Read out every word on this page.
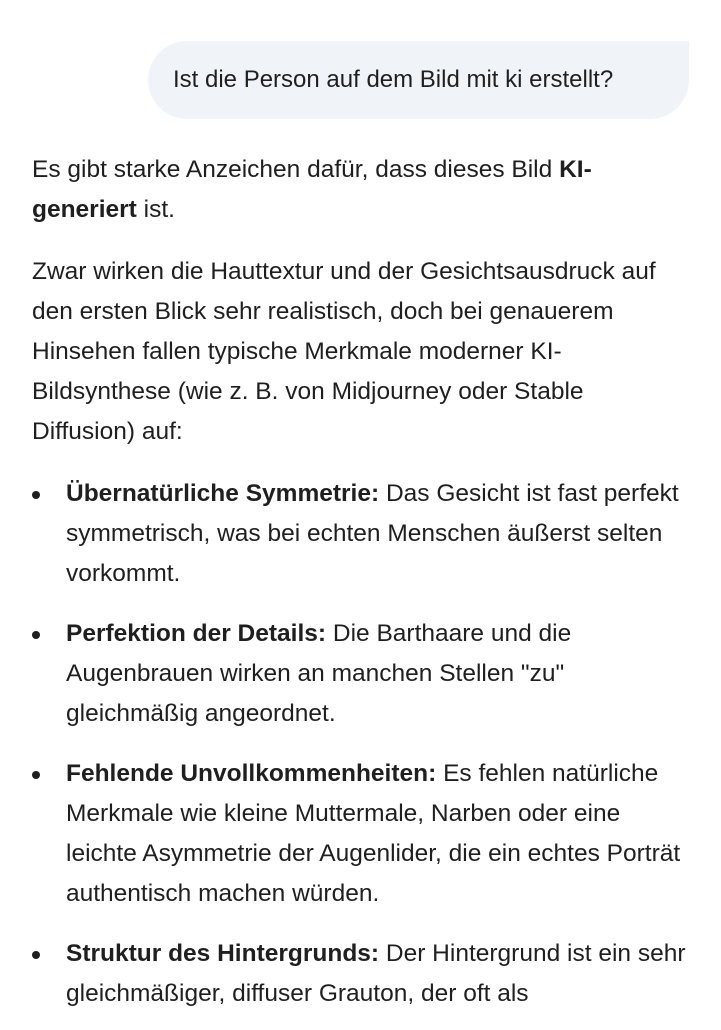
Ist die Person auf dem Bild mit ki erstellt?

Es gibt starke Anzeichen dafür, dass dieses Bild KI-generiert ist.

Zwar wirken die Hauttextur und der Gesichtsausdruck auf den ersten Blick sehr realistisch, doch bei genauerem Hinsehen fallen typische Merkmale moderner KI-Bildsynthese (wie z. B. von Midjourney oder Stable Diffusion) auf:

Übernatürliche Symmetrie: Das Gesicht ist fast perfekt symmetrisch, was bei echten Menschen äußerst selten vorkommt.
Perfektion der Details: Die Barthaare und die Augenbrauen wirken an manchen Stellen "zu" gleichmäßig angeordnet.
Fehlende Unvollkommenheiten: Es fehlen natürliche Merkmale wie kleine Muttermale, Narben oder eine leichte Asymmetrie der Augenlider, die ein echtes Porträt authentisch machen würden.
Struktur des Hintergrunds: Der Hintergrund ist ein sehr gleichmäßiger, diffuser Grauton, der oft als
